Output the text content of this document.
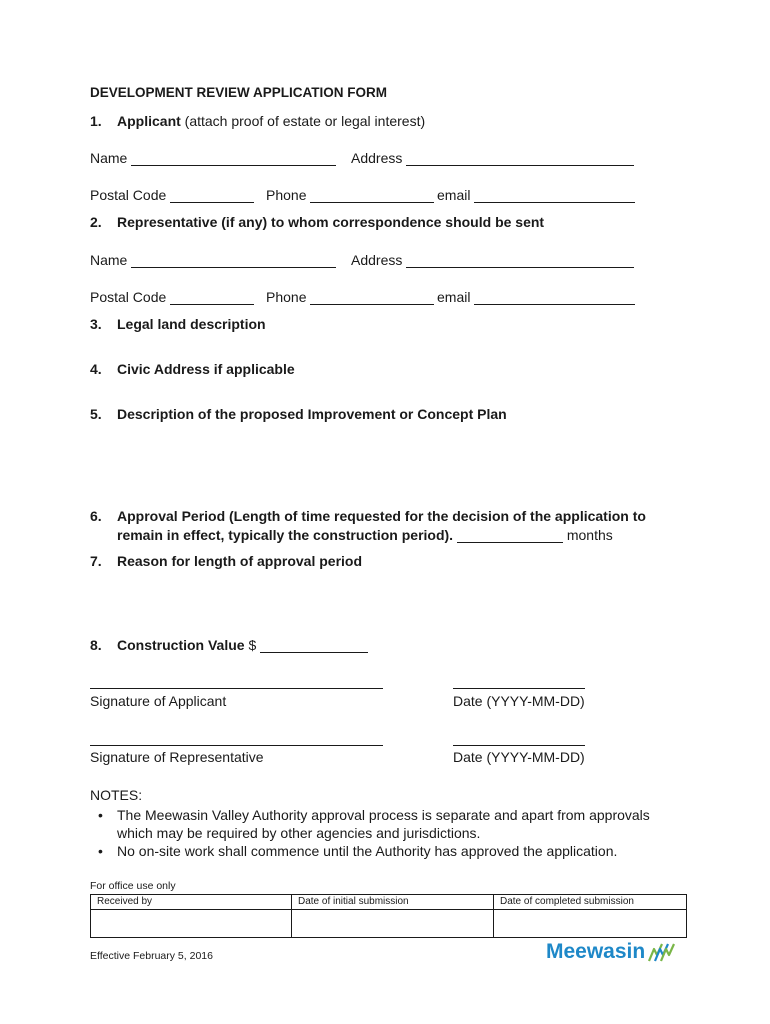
DEVELOPMENT REVIEW APPLICATION FORM
1. Applicant (attach proof of estate or legal interest)
Name	Address
Postal Code	Phone	email
2. Representative (if any) to whom correspondence should be sent
Name	Address
Postal Code	Phone	email
3. Legal land description
4. Civic Address if applicable
5. Description of the proposed Improvement or Concept Plan
6. Approval Period (Length of time requested for the decision of the application to
remain in effect, typically the construction period).	months
7. Reason for length of approval period
8. Construction Value $
Signature of Applicant	Date (YYYY-MM-DD)
Signature of Representative	Date (YYYY-MM-DD)
NOTES:
• The Meewasin Valley Authority approval process is separate and apart from approvals
which may be required by other agencies and jurisdictions.
• No on-site work shall commence until the Authority has approved the application.
For office use only
Received by	Date of initial submission	Date of completed submission

Effective February 5, 2016	Meewasin
